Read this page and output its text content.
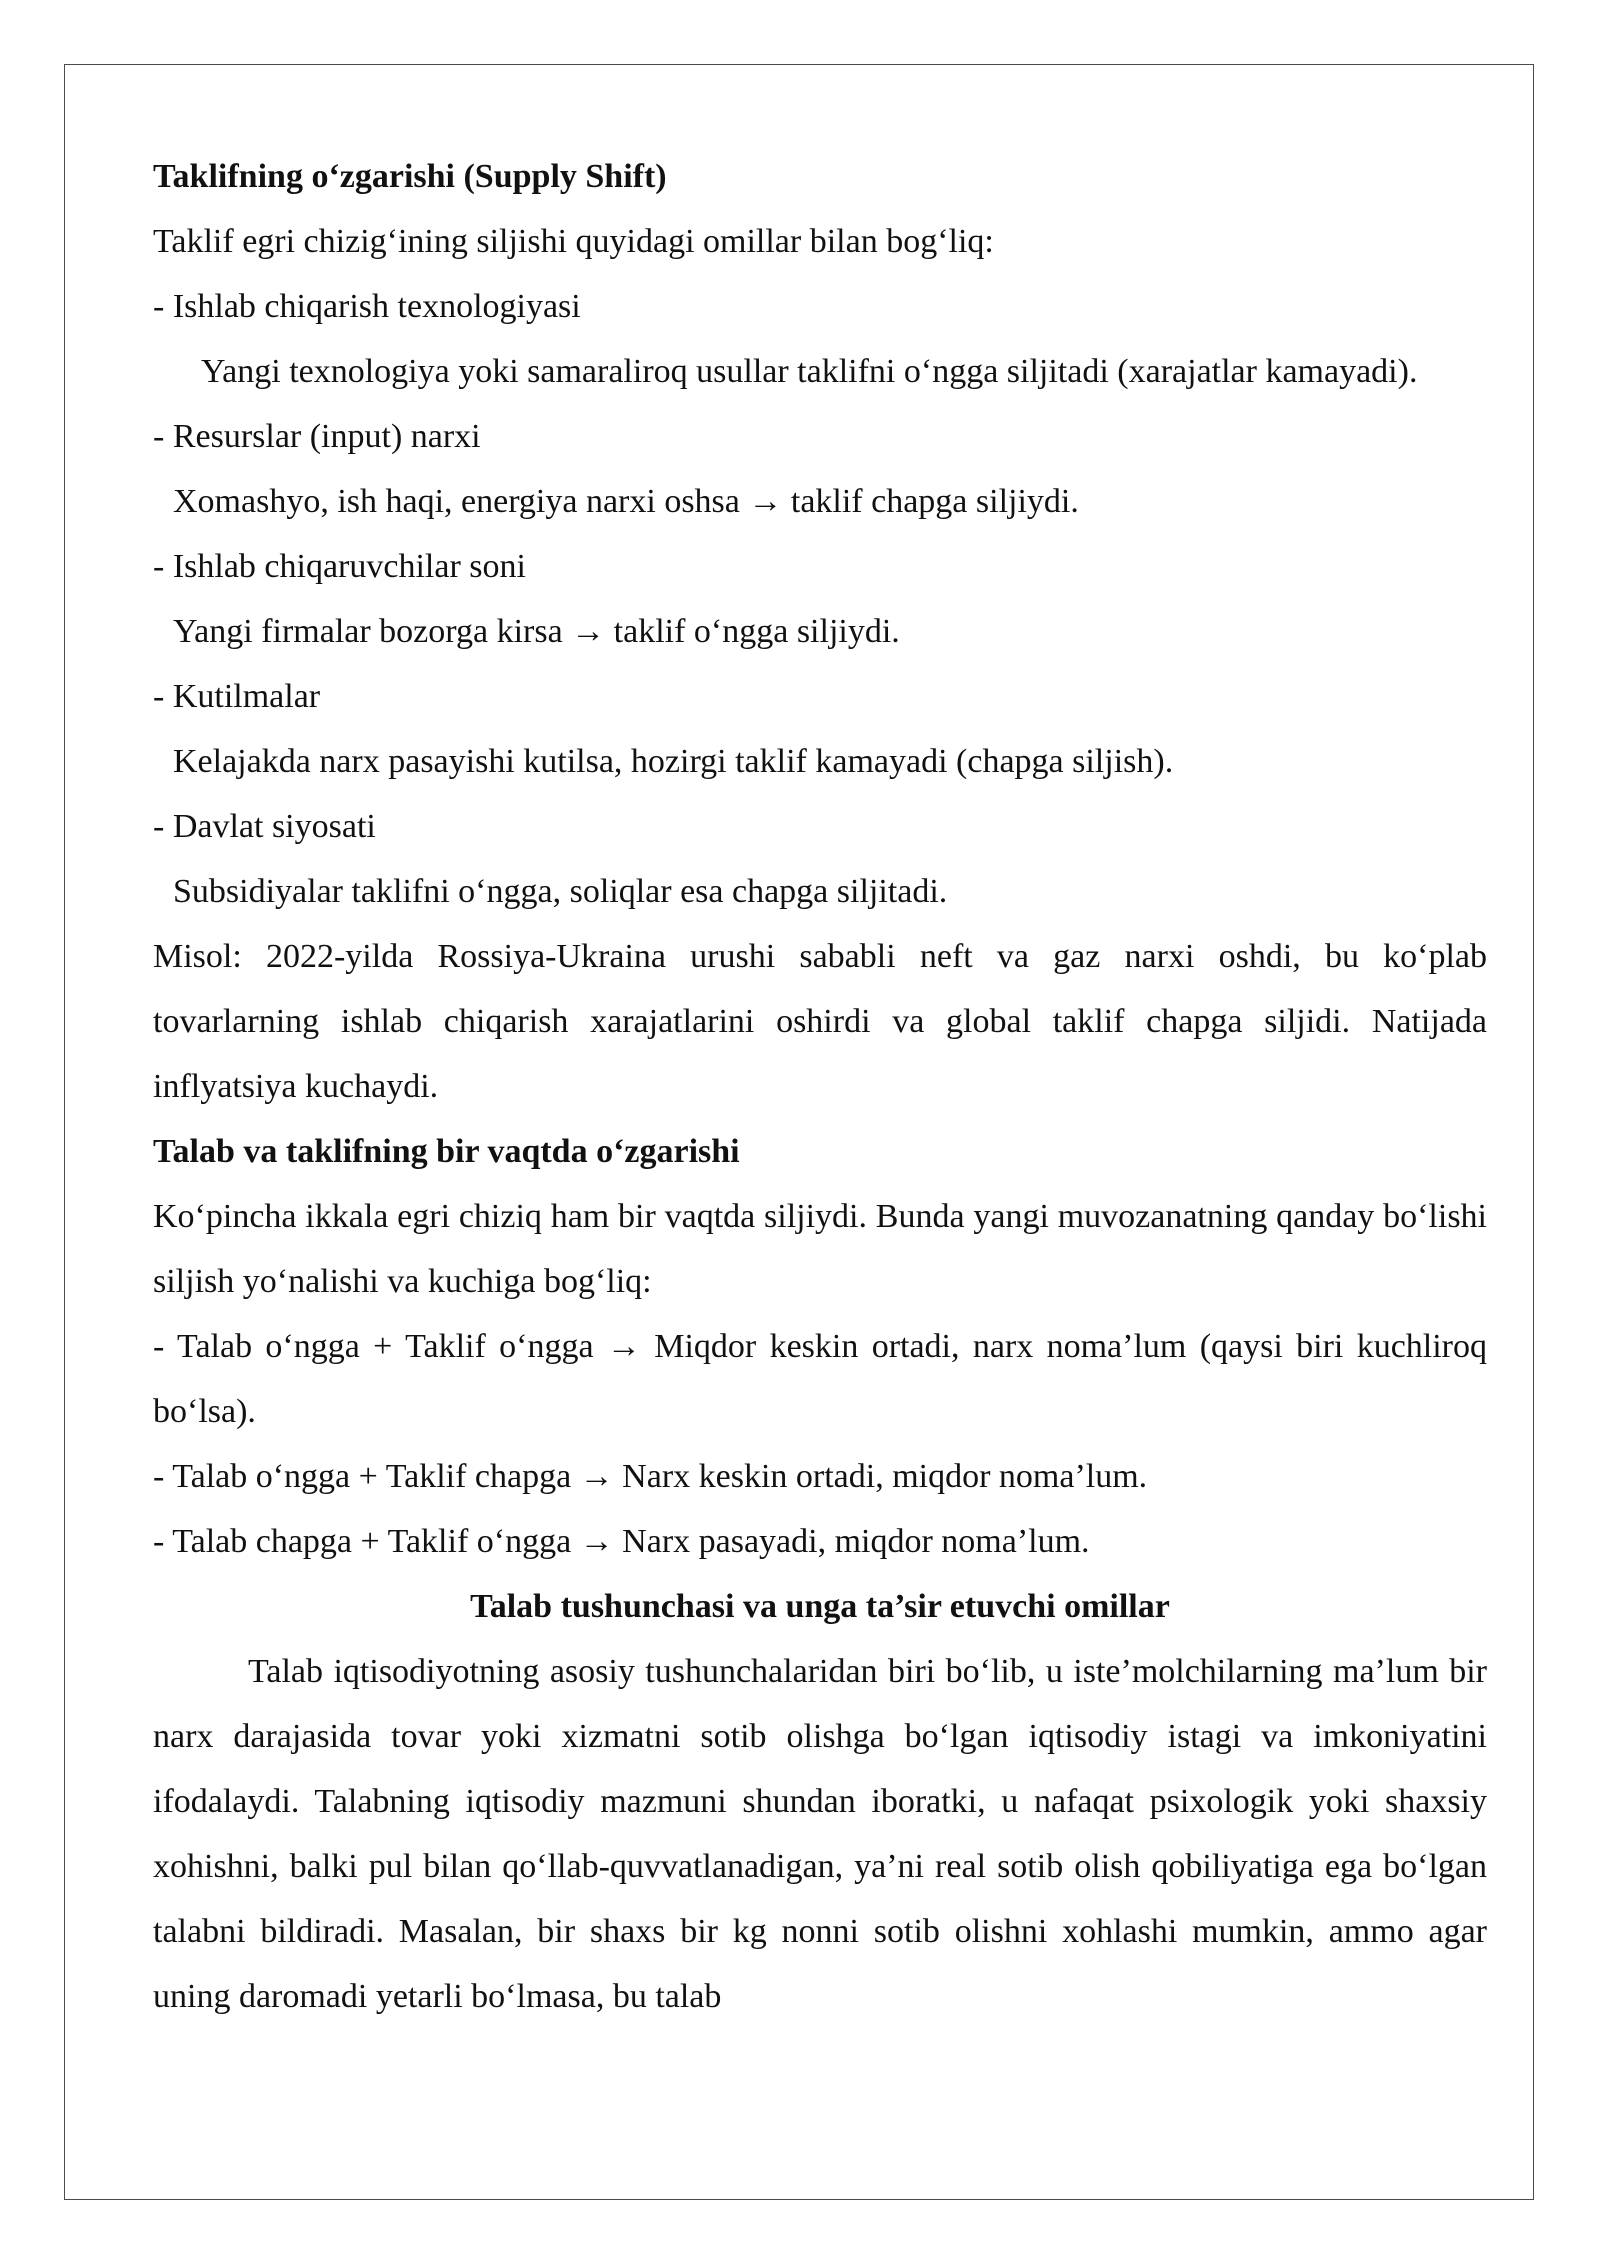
Taklifning o‘zgarishi (Supply Shift)

Taklif egri chizig‘ining siljishi quyidagi omillar bilan bog‘liq:

- Ishlab chiqarish texnologiyasi

Yangi texnologiya yoki samaraliroq usullar taklifni o‘ngga siljitadi (xarajatlar kamayadi).

- Resurslar (input) narxi

Xomashyo, ish haqi, energiya narxi oshsa → taklif chapga siljiydi.

- Ishlab chiqaruvchilar soni

Yangi firmalar bozorga kirsa → taklif o‘ngga siljiydi.

- Kutilmalar

Kelajakda narx pasayishi kutilsa, hozirgi taklif kamayadi (chapga siljish).

- Davlat siyosati

Subsidiyalar taklifni o‘ngga, soliqlar esa chapga siljitadi.

Misol: 2022-yilda Rossiya-Ukraina urushi sababli neft va gaz narxi oshdi, bu ko‘plab tovarlarning ishlab chiqarish xarajatlarini oshirdi va global taklif chapga siljidi. Natijada inflyatsiya kuchaydi.

Talab va taklifning bir vaqtda o‘zgarishi

Ko‘pincha ikkala egri chiziq ham bir vaqtda siljiydi. Bunda yangi muvozanatning qanday bo‘lishi siljish yo‘nalishi va kuchiga bog‘liq:

- Talab o‘ngga + Taklif o‘ngga → Miqdor keskin ortadi, narx noma’lum (qaysi biri kuchliroq bo‘lsa).

- Talab o‘ngga + Taklif chapga → Narx keskin ortadi, miqdor noma’lum.

- Talab chapga + Taklif o‘ngga → Narx pasayadi, miqdor noma’lum.

Talab tushunchasi va unga ta’sir etuvchi omillar

Talab iqtisodiyotning asosiy tushunchalaridan biri bo‘lib, u iste’molchilarning ma’lum bir narx darajasida tovar yoki xizmatni sotib olishga bo‘lgan iqtisodiy istagi va imkoniyatini ifodalaydi. Talabning iqtisodiy mazmuni shundan iboratki, u nafaqat psixologik yoki shaxsiy xohishni, balki pul bilan qo‘llab-quvvatlanadigan, ya’ni real sotib olish qobiliyatiga ega bo‘lgan talabni bildiradi. Masalan, bir shaxs bir kg nonni sotib olishni xohlashi mumkin, ammo agar uning daromadi yetarli bo‘lmasa, bu talab
